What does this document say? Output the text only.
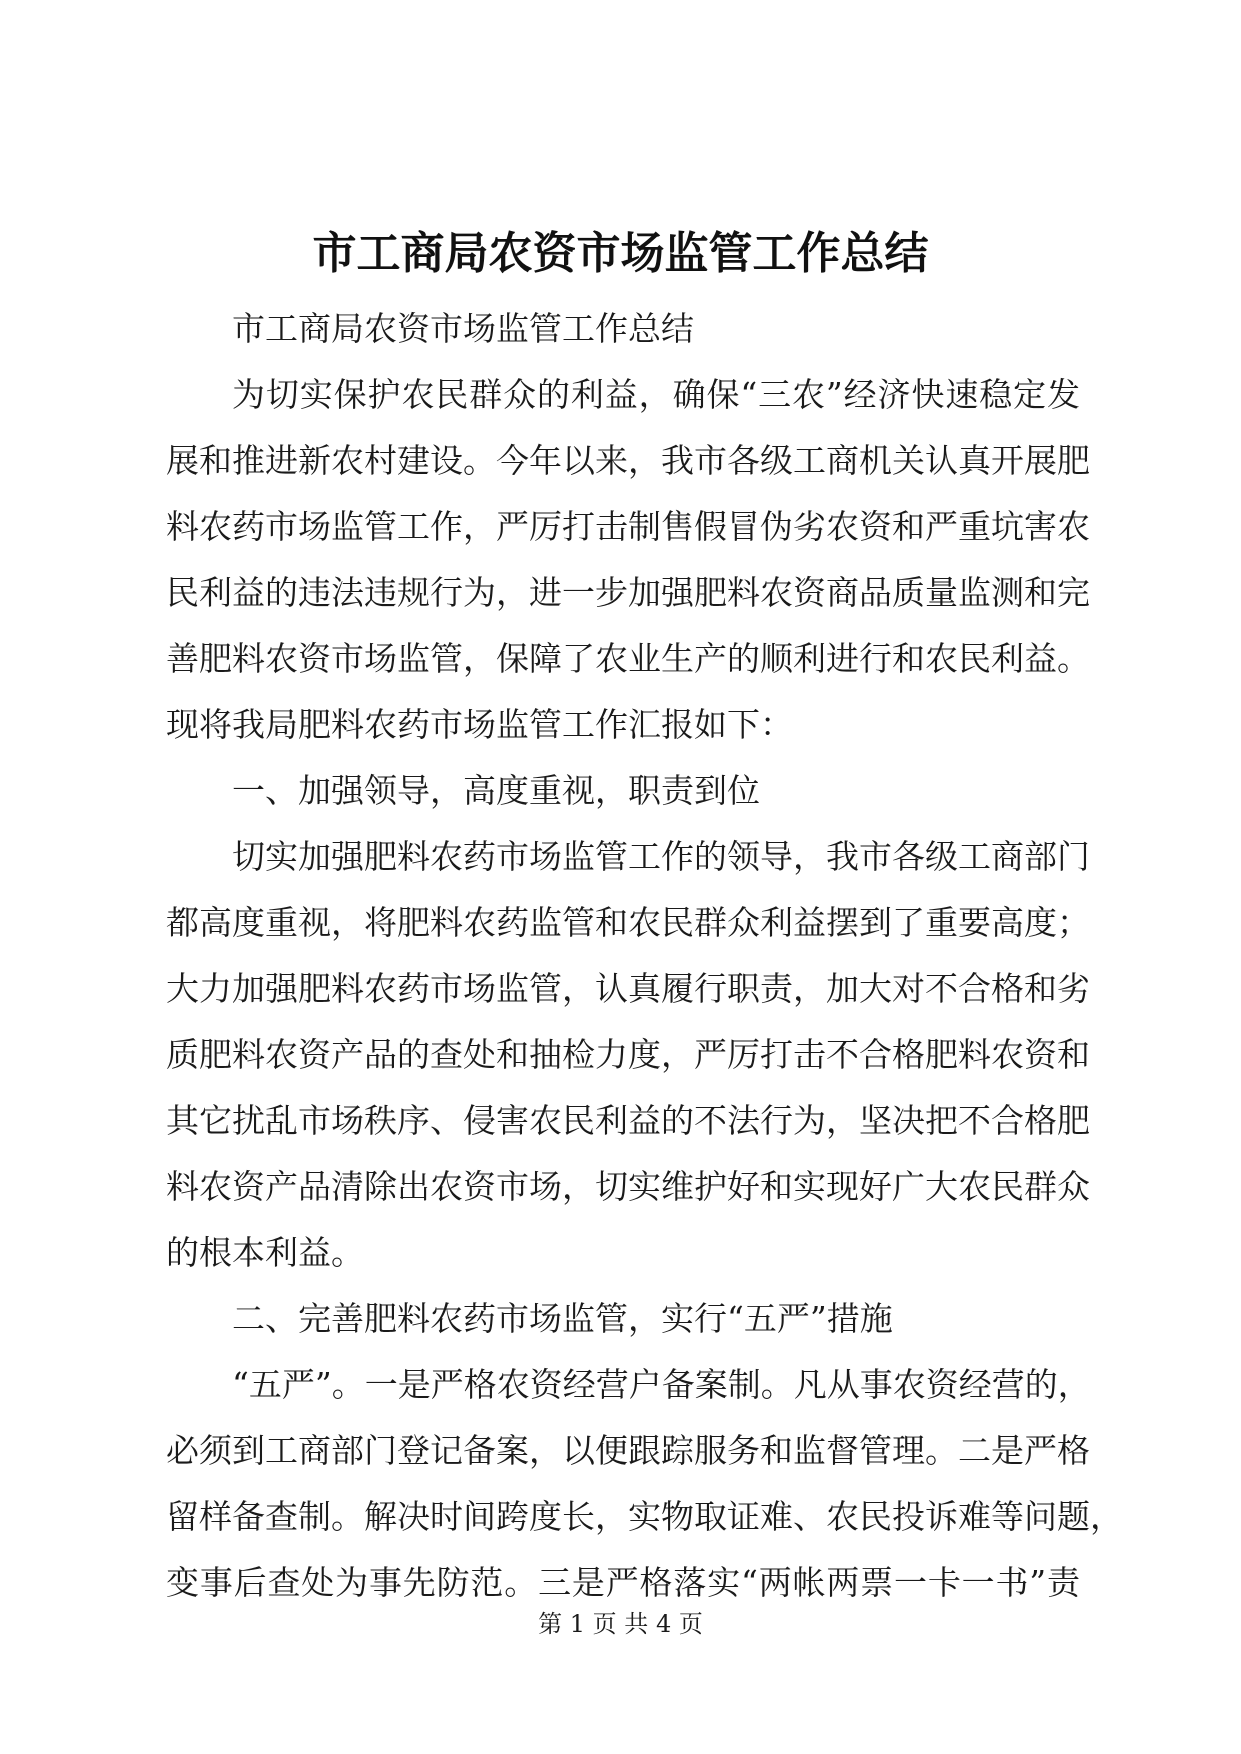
市工商局农资市场监管工作总结

市工商局农资市场监管工作总结

为切实保护农民群众的利益，确保“三农”经济快速稳定发

展和推进新农村建设。今年以来，我市各级工商机关认真开展肥

料农药市场监管工作，严厉打击制售假冒伪劣农资和严重坑害农

民利益的违法违规行为，进一步加强肥料农资商品质量监测和完

善肥料农资市场监管，保障了农业生产的顺利进行和农民利益。

现将我局肥料农药市场监管工作汇报如下：

一、加强领导，高度重视，职责到位

切实加强肥料农药市场监管工作的领导，我市各级工商部门

都高度重视，将肥料农药监管和农民群众利益摆到了重要高度；

大力加强肥料农药市场监管，认真履行职责，加大对不合格和劣

质肥料农资产品的查处和抽检力度，严厉打击不合格肥料农资和

其它扰乱市场秩序、侵害农民利益的不法行为，坚决把不合格肥

料农资产品清除出农资市场，切实维护好和实现好广大农民群众

的根本利益。

二、完善肥料农药市场监管，实行“五严”措施

“五严”。一是严格农资经营户备案制。凡从事农资经营的，

必须到工商部门登记备案，以便跟踪服务和监督管理。二是严格

留样备查制。解决时间跨度长，实物取证难、农民投诉难等问题，

变事后查处为事先防范。三是严格落实“两帐两票一卡一书”责

第 1 页 共 4 页
